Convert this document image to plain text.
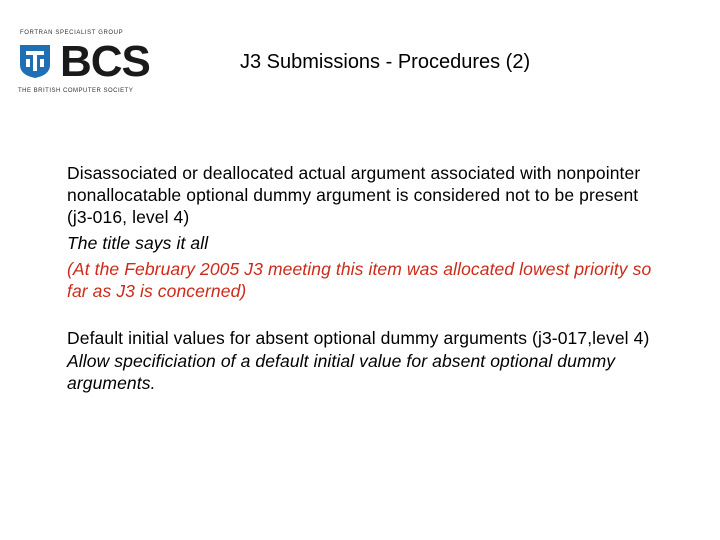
FORTRAN SPECIALIST GROUP
BCS
THE BRITISH COMPUTER SOCIETY
J3 Submissions - Procedures (2)

Disassociated or deallocated actual argument associated with nonpointer nonallocatable optional dummy argument is considered not to be present (j3-016, level 4)

The title says it all

(At the February 2005 J3 meeting this item was allocated lowest priority so far as J3 is concerned)

Default initial values for absent optional dummy arguments (j3-017,level 4)

Allow specificiation of a default initial value for absent optional dummy arguments.
